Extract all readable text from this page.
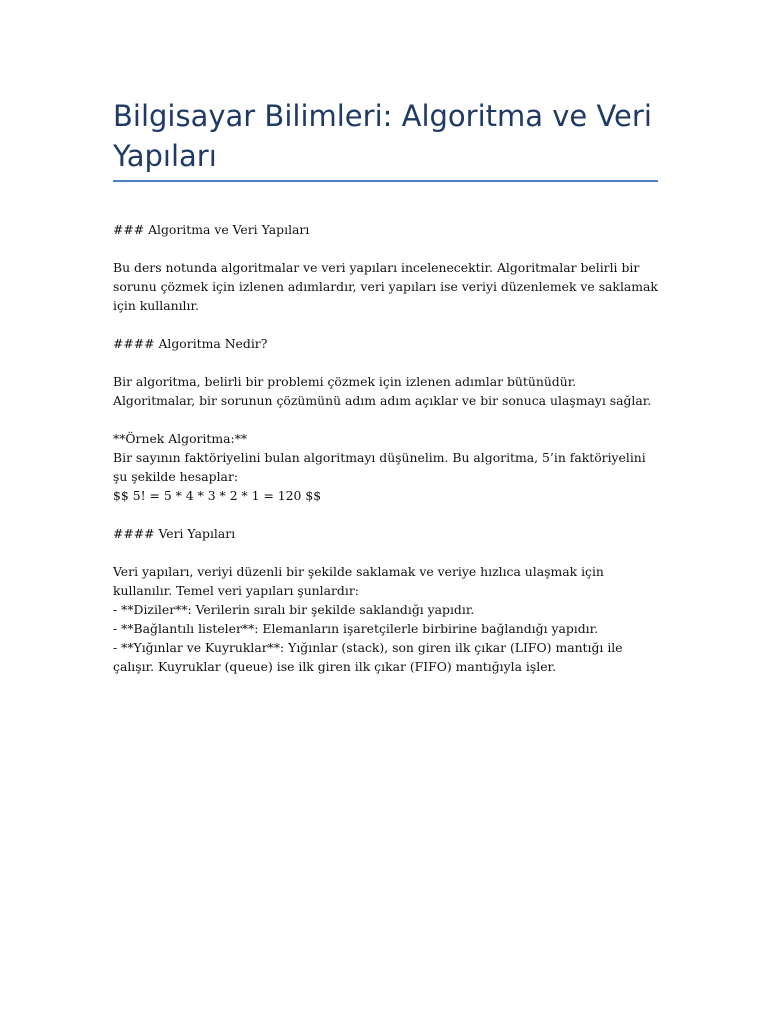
Bilgisayar Bilimleri: Algoritma ve Veri Yapıları

### Algoritma ve Veri Yapıları

Bu ders notunda algoritmalar ve veri yapıları incelenecektir. Algoritmalar belirli bir sorunu çözmek için izlenen adımlardır, veri yapıları ise veriyi düzenlemek ve saklamak için kullanılır.

#### Algoritma Nedir?

Bir algoritma, belirli bir problemi çözmek için izlenen adımlar bütünüdür. Algoritmalar, bir sorunun çözümünü adım adım açıklar ve bir sonuca ulaşmayı sağlar.

**Örnek Algoritma:**
Bir sayının faktöriyelini bulan algoritmayı düşünelim. Bu algoritma, 5’in faktöriyelini şu şekilde hesaplar:
$$ 5! = 5 * 4 * 3 * 2 * 1 = 120 $$

#### Veri Yapıları

Veri yapıları, veriyi düzenli bir şekilde saklamak ve veriye hızlıca ulaşmak için kullanılır. Temel veri yapıları şunlardır:
- **Diziler**: Verilerin sıralı bir şekilde saklandığı yapıdır.
- **Bağlantılı listeler**: Elemanların işaretçilerle birbirine bağlandığı yapıdır.
- **Yığınlar ve Kuyruklar**: Yığınlar (stack), son giren ilk çıkar (LIFO) mantığı ile çalışır. Kuyruklar (queue) ise ilk giren ilk çıkar (FIFO) mantığıyla işler.
